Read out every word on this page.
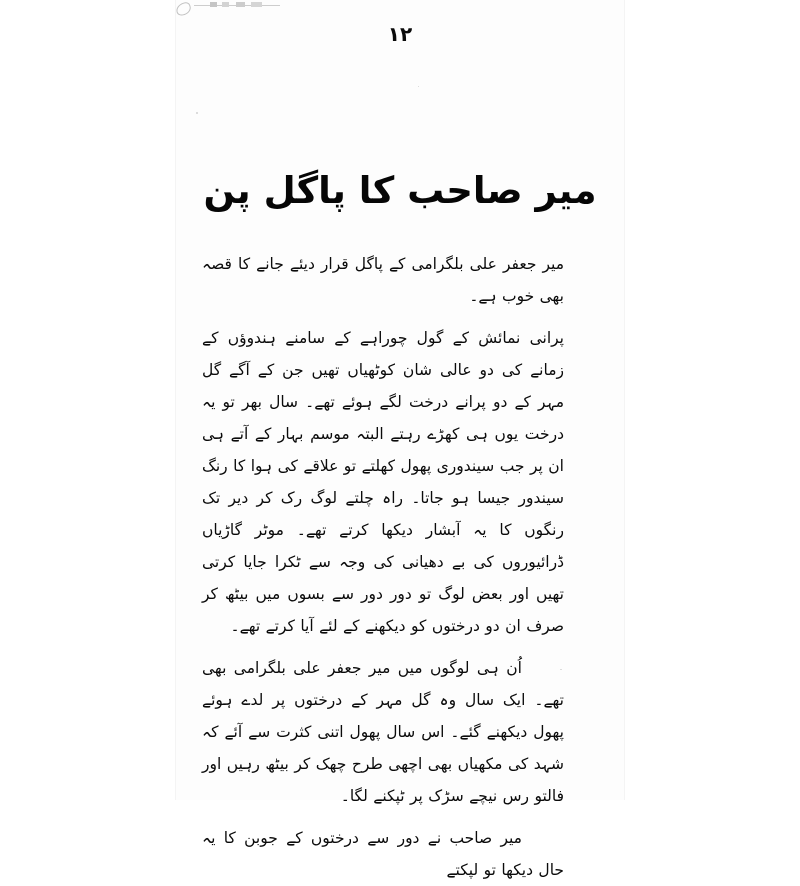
۱۲
میر صاحب کا پاگل پن

میر جعفر علی بلگرامی کے پاگل قرار دیئے جانے کا قصہ بھی خوب ہے۔

پرانی نمائش کے گول چوراہے کے سامنے ہندوؤں کے زمانے کی دو عالی شان کوٹھیاں تھیں جن کے آگے گل مہر کے دو پرانے درخت لگے ہوئے تھے۔ سال بھر تو یہ درخت یوں ہی کھڑے رہتے البتہ موسم بہار کے آتے ہی ان پر جب سیندوری پھول کھلتے تو علاقے کی ہوا کا رنگ سیندور جیسا ہو جاتا۔ راہ چلتے لوگ رک کر دیر تک رنگوں کا یہ آبشار دیکھا کرتے تھے۔ موٹر گاڑیاں ڈرائیوروں کی بے دھیانی کی وجہ سے ٹکرا جایا کرتی تھیں اور بعض لوگ تو دور دور سے بسوں میں بیٹھ کر صرف ان دو درختوں کو دیکھنے کے لئے آیا کرتے تھے۔

اُن ہی لوگوں میں میر جعفر علی بلگرامی بھی تھے۔ ایک سال وہ گل مہر کے درختوں پر لدے ہوئے پھول دیکھنے گئے۔ اس سال پھول اتنی کثرت سے آئے کہ شہد کی مکھیاں بھی اچھی طرح چھک کر بیٹھ رہیں اور فالتو رس نیچے سڑک پر ٹپکنے لگا۔

میر صاحب نے دور سے درختوں کے جوبن کا یہ حال دیکھا تو لپکتے
